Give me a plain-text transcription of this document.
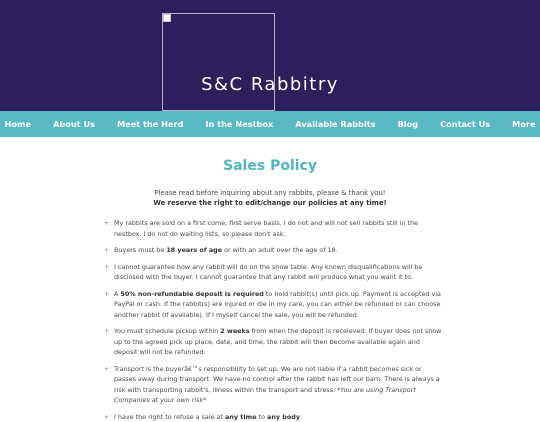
S&C Rabbitry
Home	About Us	Meet the Herd	In the Nestbox	Available Rabbits	Blog	Contact Us	More
Sales Policy
Please read before inquiring about any rabbits, please & thank you!
We reserve the right to edit/change our policies at any time!
+ My rabbits are sold on a first come, first serve basis. I do not and will not sell rabbits still in the nestbox. I do not do waiting lists, so please don't ask.
+ Buyers must be 18 years of age or with an adult over the age of 18.
+ I cannot guarantee how any rabbit will do on the show table. Any known disqualifications will be disclosed with the buyer. I cannot guarantee that any rabbit will produce what you want it to.
+ A 50% non-refundable deposit is required to hold rabbit(s) until pick up. Payment is accepted via PayPal or cash. If the rabbit(s) are injured or die in my care, you can either be refunded or can choose another rabbit (if available). If I myself cancel the sale, you will be refunded.
+ You must schedule pickup within 2 weeks from when the deposit is receieved. If buyer does not show up to the agreed pick up place, date, and time, the rabbit will then become available again and deposit will not be refunded.
+ Transport is the buyerâ€™s responsibility to set up. We are not liable if a rabbit becomes sick or passes away during transport. We have no control after the rabbit has left our barn. There is always a risk with transporting rabbit's, illness within the transport and stress. *You are using Transport Companies at your own risk*
+ I have the right to refuse a sale at any time to any body.
